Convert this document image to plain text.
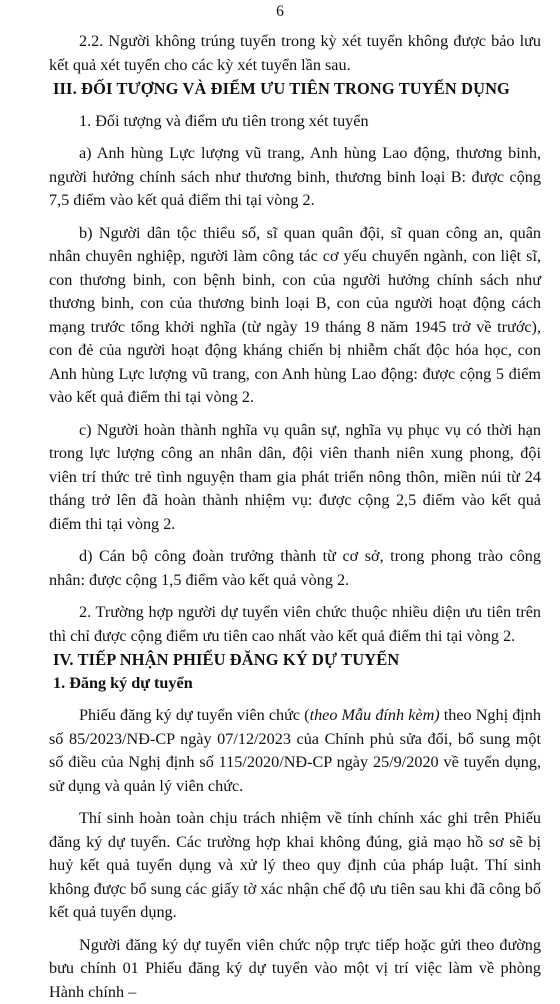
6

2.2. Người không trúng tuyển trong kỳ xét tuyển không được bảo lưu kết quả xét tuyển cho các kỳ xét tuyển lần sau.

III. ĐỐI TƯỢNG VÀ ĐIỂM ƯU TIÊN TRONG TUYỂN DỤNG

1. Đối tượng và điểm ưu tiên trong xét tuyển

a) Anh hùng Lực lượng vũ trang, Anh hùng Lao động, thương binh, người hưởng chính sách như thương binh, thương binh loại B: được cộng 7,5 điểm vào kết quả điểm thi tại vòng 2.

b) Người dân tộc thiểu số, sĩ quan quân đội, sĩ quan công an, quân nhân chuyên nghiệp, người làm công tác cơ yếu chuyển ngành, con liệt sĩ, con thương binh, con bệnh binh, con của người hưởng chính sách như thương binh, con của thương binh loại B, con của người hoạt động cách mạng trước tổng khởi nghĩa (từ ngày 19 tháng 8 năm 1945 trở về trước), con đẻ của người hoạt động kháng chiến bị nhiễm chất độc hóa học, con Anh hùng Lực lượng vũ trang, con Anh hùng Lao động: được cộng 5 điểm vào kết quả điểm thi tại vòng 2.

c) Người hoàn thành nghĩa vụ quân sự, nghĩa vụ phục vụ có thời hạn trong lực lượng công an nhân dân, đội viên thanh niên xung phong, đội viên trí thức trẻ tình nguyện tham gia phát triển nông thôn, miền núi từ 24 tháng trở lên đã hoàn thành nhiệm vụ: được cộng 2,5 điểm vào kết quả điểm thi tại vòng 2.

d) Cán bộ công đoàn trưởng thành từ cơ sở, trong phong trào công nhân: được cộng 1,5 điểm vào kết quả vòng 2.

2. Trường hợp người dự tuyển viên chức thuộc nhiều diện ưu tiên trên thì chỉ được cộng điểm ưu tiên cao nhất vào kết quả điểm thi tại vòng 2.

IV. TIẾP NHẬN PHIẾU ĐĂNG KÝ DỰ TUYỂN

1. Đăng ký dự tuyển

Phiếu đăng ký dự tuyển viên chức (theo Mẫu đính kèm) theo Nghị định số 85/2023/NĐ-CP ngày 07/12/2023 của Chính phủ sửa đổi, bổ sung một số điều của Nghị định số 115/2020/NĐ-CP ngày 25/9/2020 về tuyển dụng, sử dụng và quản lý viên chức.

Thí sinh hoàn toàn chịu trách nhiệm về tính chính xác ghi trên Phiếu đăng ký dự tuyển. Các trường hợp khai không đúng, giả mạo hồ sơ sẽ bị huỷ kết quả tuyển dụng và xử lý theo quy định của pháp luật. Thí sinh không được bổ sung các giấy tờ xác nhận chế độ ưu tiên sau khi đã công bố kết quả tuyển dụng.

Người đăng ký dự tuyển viên chức nộp trực tiếp hoặc gửi theo đường bưu chính 01 Phiếu đăng ký dự tuyển vào một vị trí việc làm về phòng Hành chính –
